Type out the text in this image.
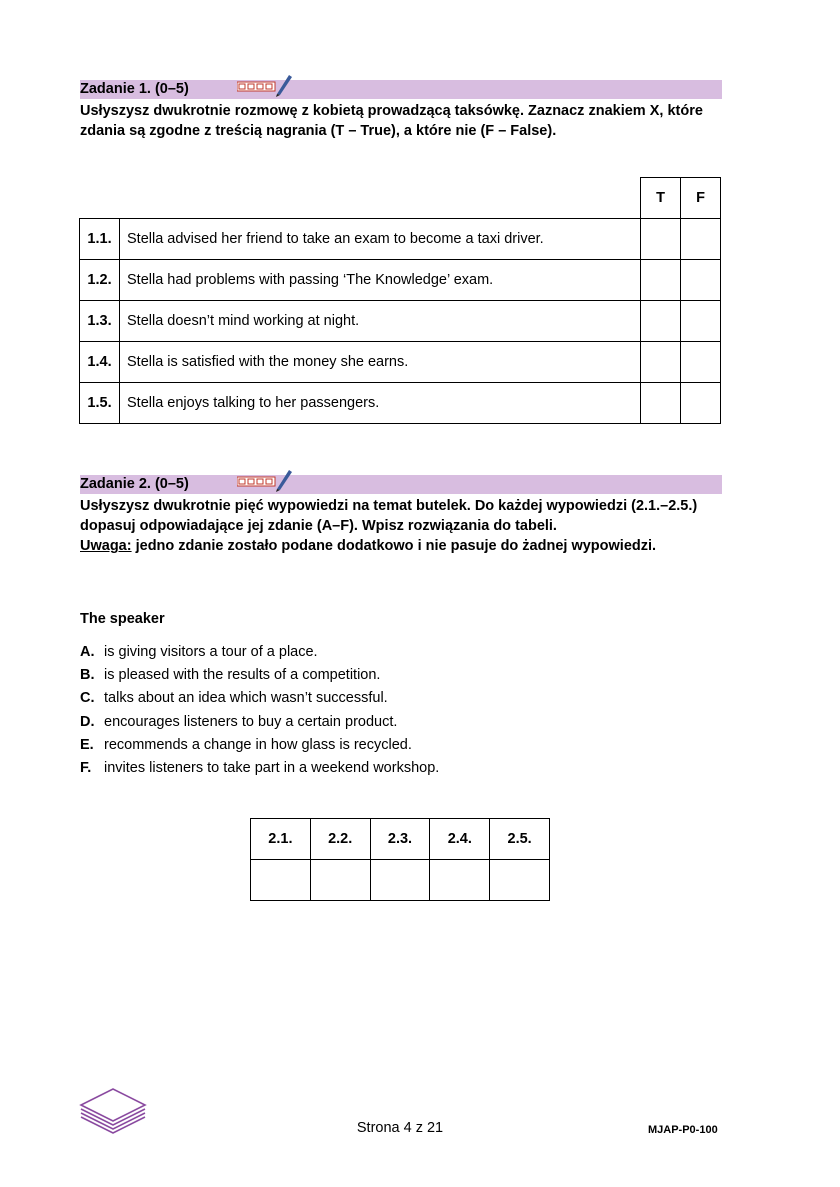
Zadanie 1. (0–5)
Usłyszysz dwukrotnie rozmowę z kobietą prowadzącą taksówkę. Zaznacz znakiem X, które zdania są zgodne z treścią nagrania (T – True), a które nie (F – False).
		T	F
1.1.	Stella advised her friend to take an exam to become a taxi driver.		
1.2.	Stella had problems with passing ‘The Knowledge’ exam.		
1.3.	Stella doesn’t mind working at night.		
1.4.	Stella is satisfied with the money she earns.		
1.5.	Stella enjoys talking to her passengers.		
Zadanie 2. (0–5)
Usłyszysz dwukrotnie pięć wypowiedzi na temat butelek. Do każdej wypowiedzi (2.1.–2.5.) dopasuj odpowiadające jej zdanie (A–F). Wpisz rozwiązania do tabeli.
Uwaga: jedno zdanie zostało podane dodatkowo i nie pasuje do żadnej wypowiedzi.
The speaker
A. is giving visitors a tour of a place.
B. is pleased with the results of a competition.
C. talks about an idea which wasn’t successful.
D. encourages listeners to buy a certain product.
E. recommends a change in how glass is recycled.
F. invites listeners to take part in a weekend workshop.
2.1.	2.2.	2.3.	2.4.	2.5.

Strona 4 z 21	MJAP-P0-100
